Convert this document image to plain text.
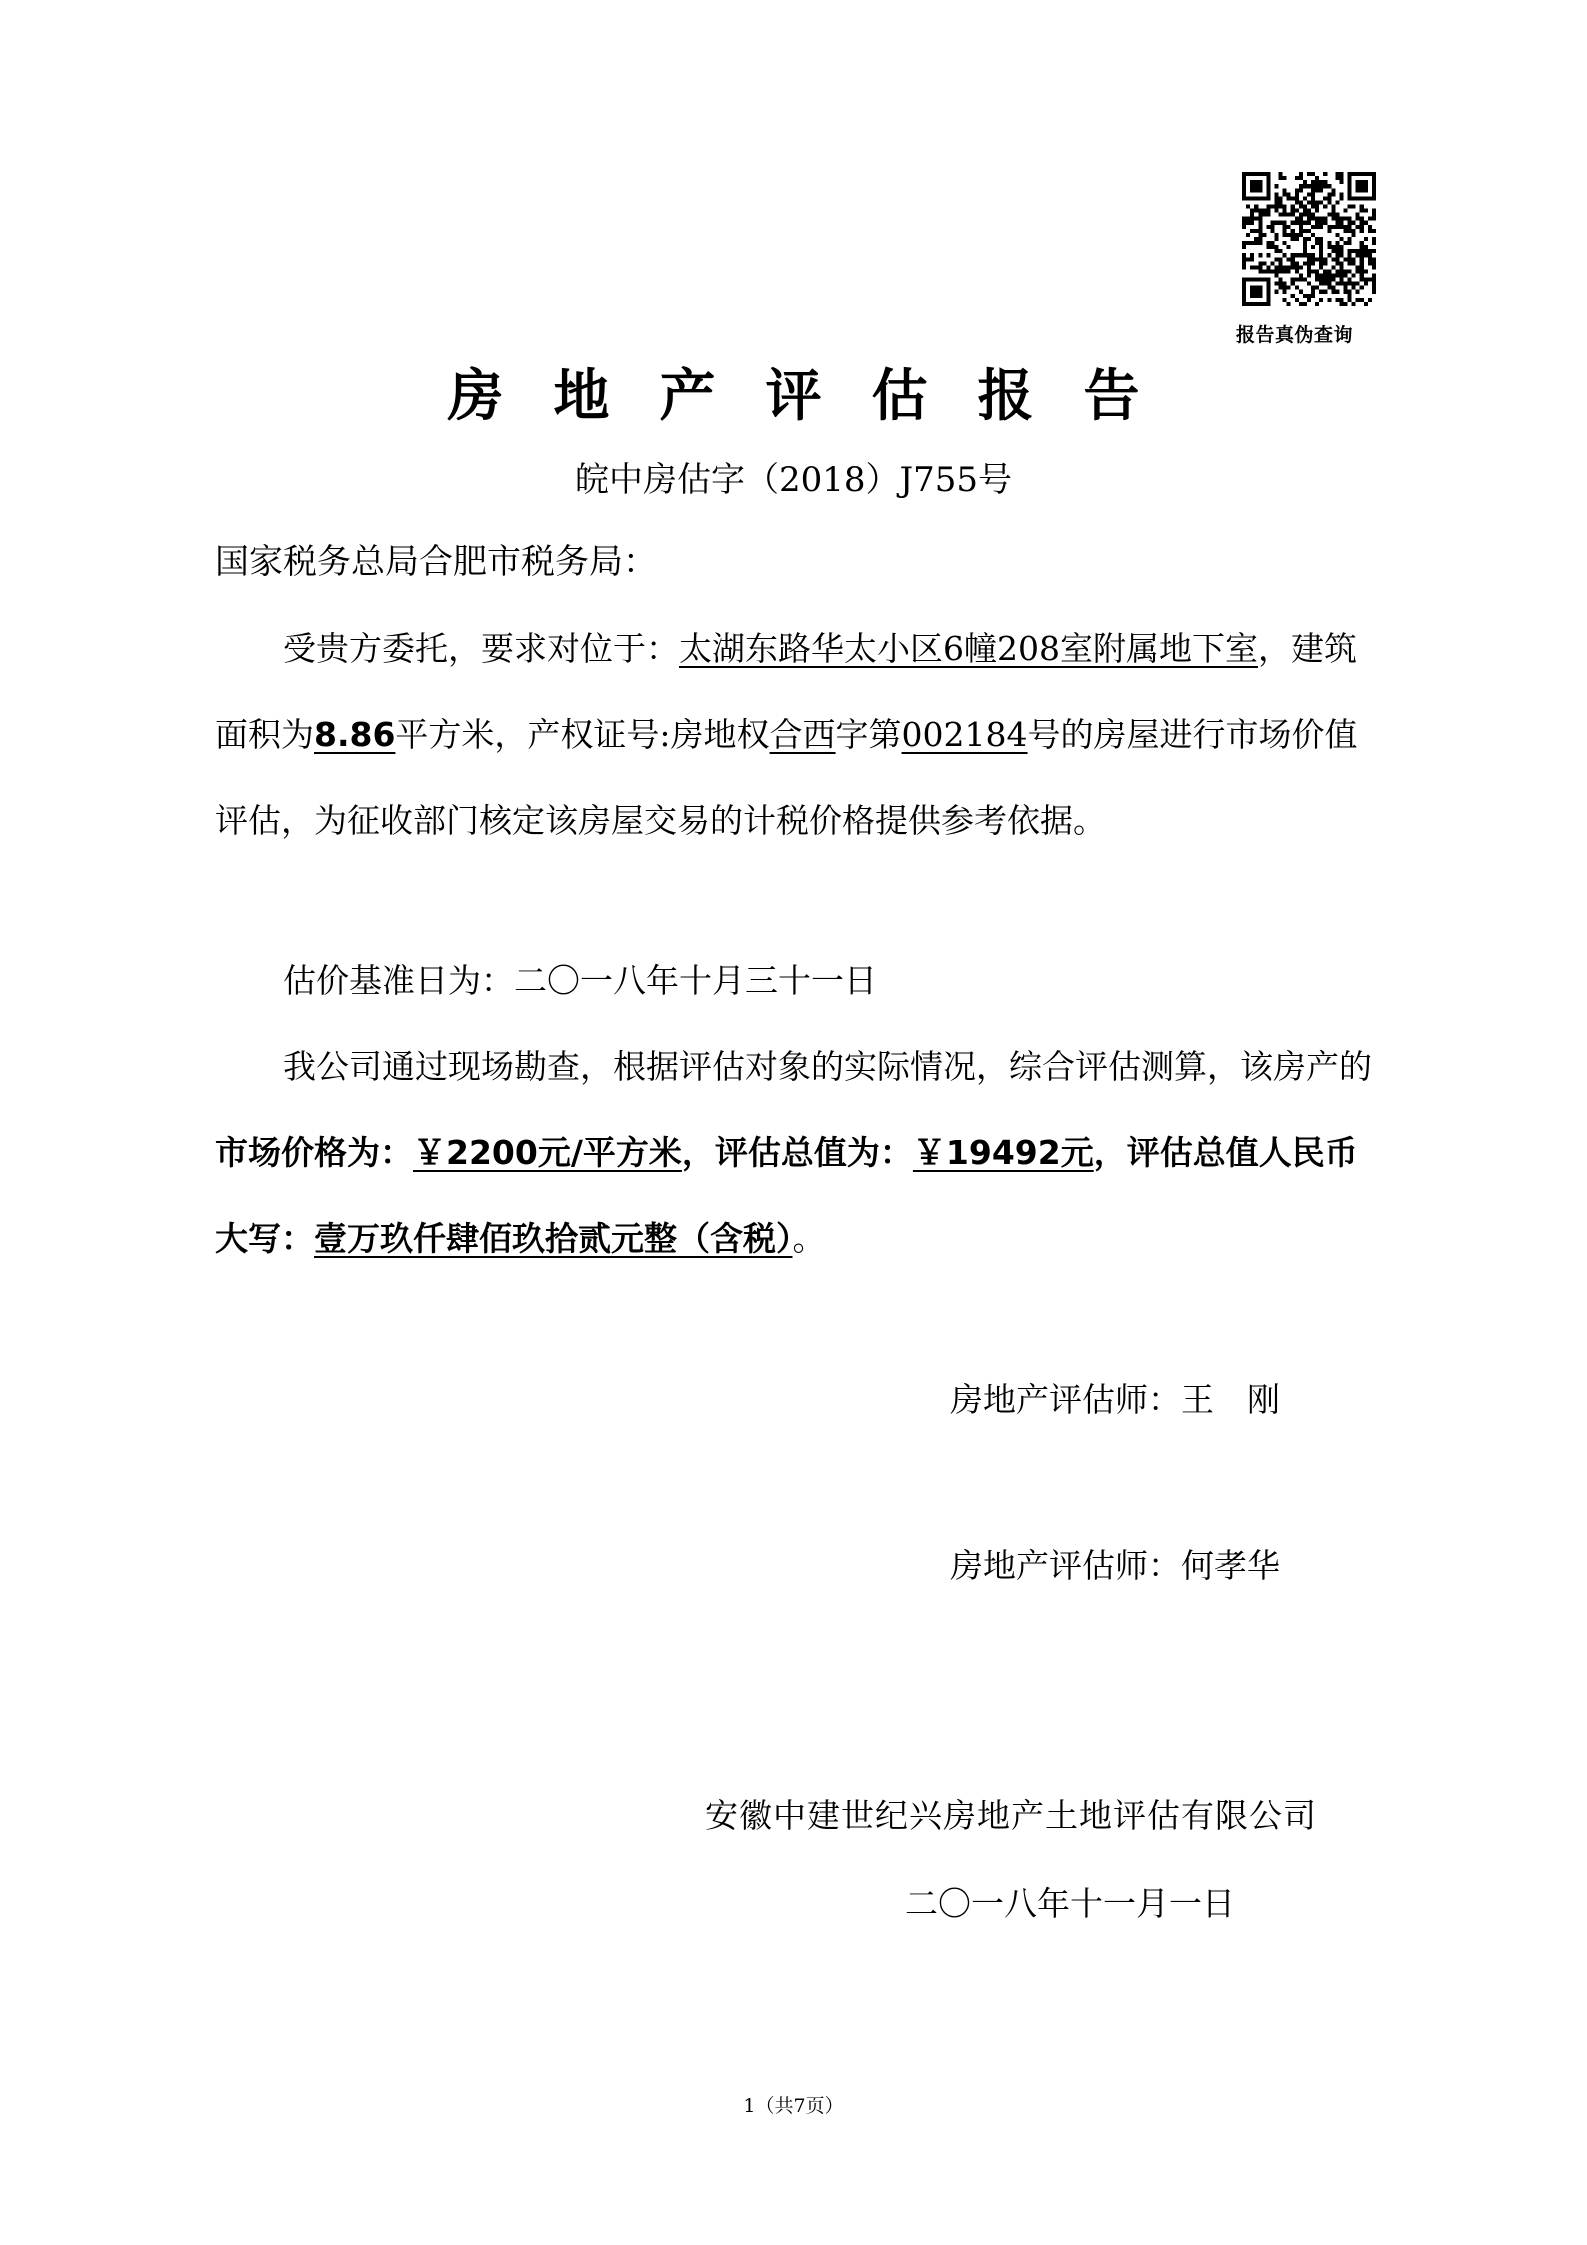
报告真伪查询
房地产评估报告
皖中房估字（2018）J755号
国家税务总局合肥市税务局：

受贵方委托，要求对位于：太湖东路华太小区6幢208室附属地下室，建筑面积为8.86平方米，产权证号:房地权合西字第002184号的房屋进行市场价值评估，为征收部门核定该房屋交易的计税价格提供参考依据。

估价基准日为：二〇一八年十月三十一日

我公司通过现场勘查，根据评估对象的实际情况，综合评估测算，该房产的市场价格为：￥2200元/平方米，评估总值为：￥19492元，评估总值人民币大写：壹万玖仟肆佰玖拾贰元整（含税）。

房地产评估师：王　刚
房地产评估师：何孝华
安徽中建世纪兴房地产土地评估有限公司
二〇一八年十一月一日
1（共7页）
